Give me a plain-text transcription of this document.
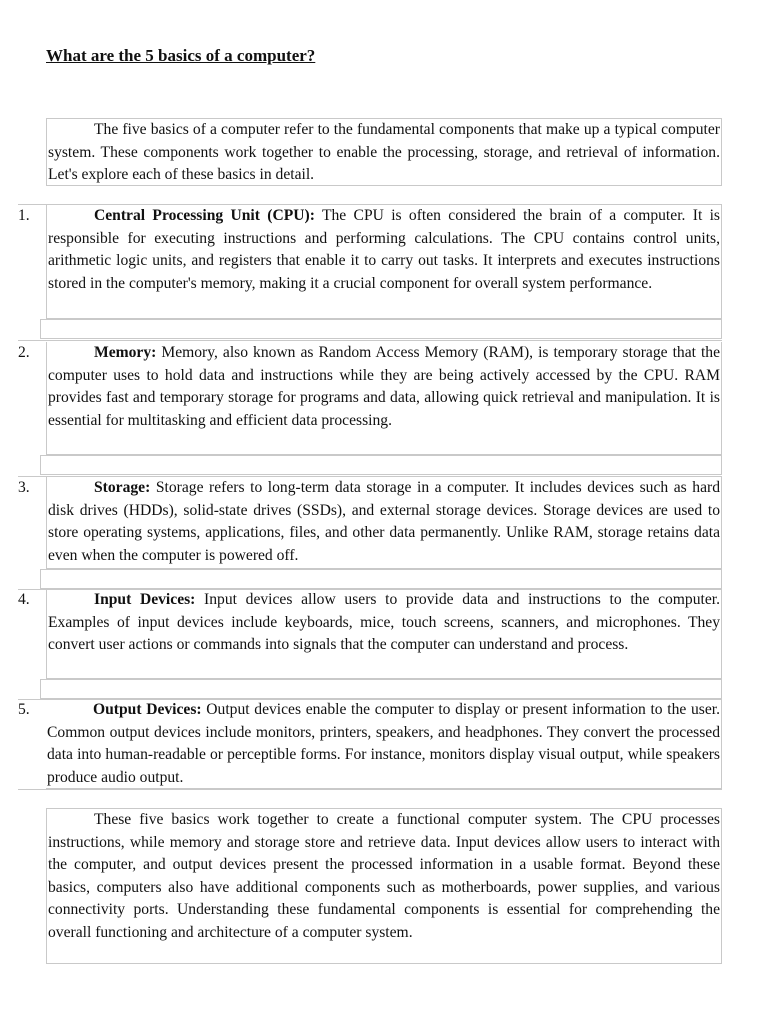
What are the 5 basics of a computer?

The five basics of a computer refer to the fundamental components that make up a typical computer system. These components work together to enable the processing, storage, and retrieval of information. Let's explore each of these basics in detail.

1.	Central Processing Unit (CPU): The CPU is often considered the brain of a computer. It is responsible for executing instructions and performing calculations. The CPU contains control units, arithmetic logic units, and registers that enable it to carry out tasks. It interprets and executes instructions stored in the computer's memory, making it a crucial component for overall system performance.

2.	Memory: Memory, also known as Random Access Memory (RAM), is temporary storage that the computer uses to hold data and instructions while they are being actively accessed by the CPU. RAM provides fast and temporary storage for programs and data, allowing quick retrieval and manipulation. It is essential for multitasking and efficient data processing.

3.	Storage: Storage refers to long-term data storage in a computer. It includes devices such as hard disk drives (HDDs), solid-state drives (SSDs), and external storage devices. Storage devices are used to store operating systems, applications, files, and other data permanently. Unlike RAM, storage retains data even when the computer is powered off.

4.	Input Devices: Input devices allow users to provide data and instructions to the computer. Examples of input devices include keyboards, mice, touch screens, scanners, and microphones. They convert user actions or commands into signals that the computer can understand and process.

5.	Output Devices: Output devices enable the computer to display or present information to the user. Common output devices include monitors, printers, speakers, and headphones. They convert the processed data into human-readable or perceptible forms. For instance, monitors display visual output, while speakers produce audio output.

These five basics work together to create a functional computer system. The CPU processes instructions, while memory and storage store and retrieve data. Input devices allow users to interact with the computer, and output devices present the processed information in a usable format. Beyond these basics, computers also have additional components such as motherboards, power supplies, and various connectivity ports. Understanding these fundamental components is essential for comprehending the overall functioning and architecture of a computer system.
